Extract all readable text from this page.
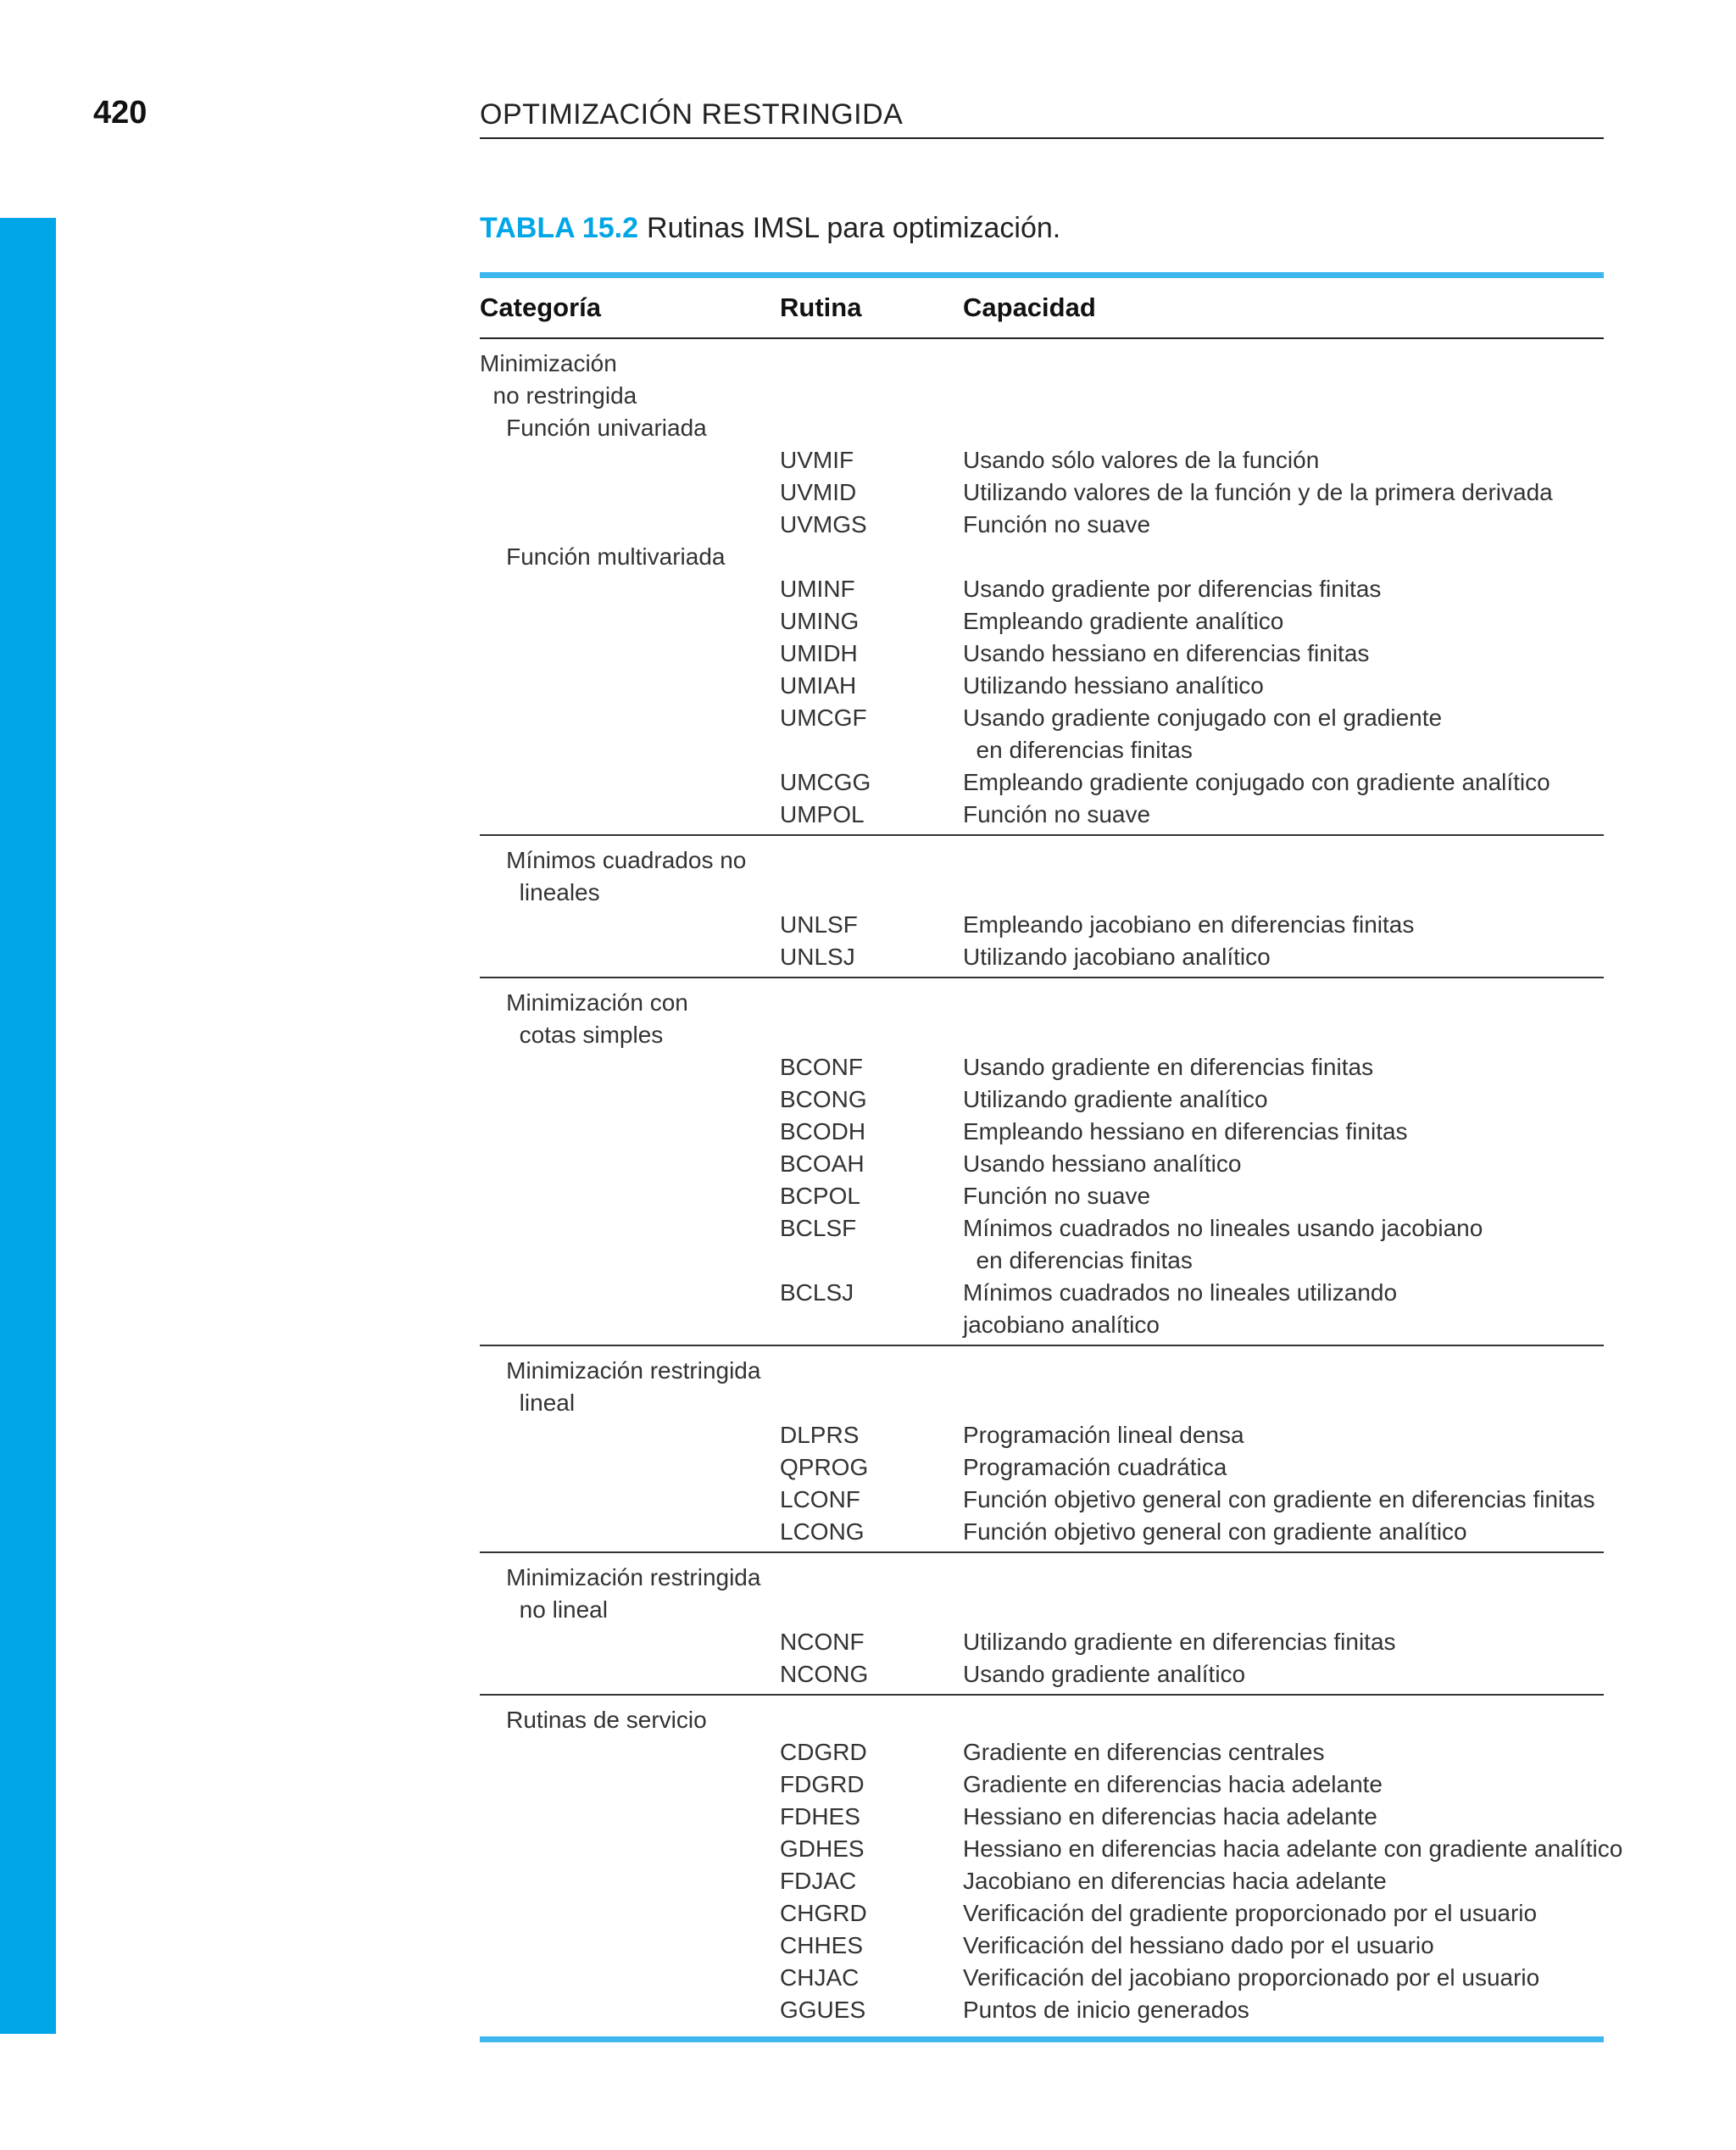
420	OPTIMIZACIÓN RESTRINGIDA
TABLA 15.2 Rutinas IMSL para optimización.
Categoría	Rutina	Capacidad
Minimización
no restringida
Función univariada
UVMIF	Usando sólo valores de la función
UVMID	Utilizando valores de la función y de la primera derivada
UVMGS	Función no suave
Función multivariada
UMINF	Usando gradiente por diferencias finitas
UMING	Empleando gradiente analítico
UMIDH	Usando hessiano en diferencias finitas
UMIAH	Utilizando hessiano analítico
UMCGF	Usando gradiente conjugado con el gradiente
en diferencias finitas
UMCGG	Empleando gradiente conjugado con gradiente analítico
UMPOL	Función no suave
Mínimos cuadrados no
lineales
UNLSF	Empleando jacobiano en diferencias finitas
UNLSJ	Utilizando jacobiano analítico
Minimización con
cotas simples
BCONF	Usando gradiente en diferencias finitas
BCONG	Utilizando gradiente analítico
BCODH	Empleando hessiano en diferencias finitas
BCOAH	Usando hessiano analítico
BCPOL	Función no suave
BCLSF	Mínimos cuadrados no lineales usando jacobiano
en diferencias finitas
BCLSJ	Mínimos cuadrados no lineales utilizando
jacobiano analítico
Minimización restringida
lineal
DLPRS	Programación lineal densa
QPROG	Programación cuadrática
LCONF	Función objetivo general con gradiente en diferencias finitas
LCONG	Función objetivo general con gradiente analítico
Minimización restringida
no lineal
NCONF	Utilizando gradiente en diferencias finitas
NCONG	Usando gradiente analítico
Rutinas de servicio
CDGRD	Gradiente en diferencias centrales
FDGRD	Gradiente en diferencias hacia adelante
FDHES	Hessiano en diferencias hacia adelante
GDHES	Hessiano en diferencias hacia adelante con gradiente analítico
FDJAC	Jacobiano en diferencias hacia adelante
CHGRD	Verificación del gradiente proporcionado por el usuario
CHHES	Verificación del hessiano dado por el usuario
CHJAC	Verificación del jacobiano proporcionado por el usuario
GGUES	Puntos de inicio generados
